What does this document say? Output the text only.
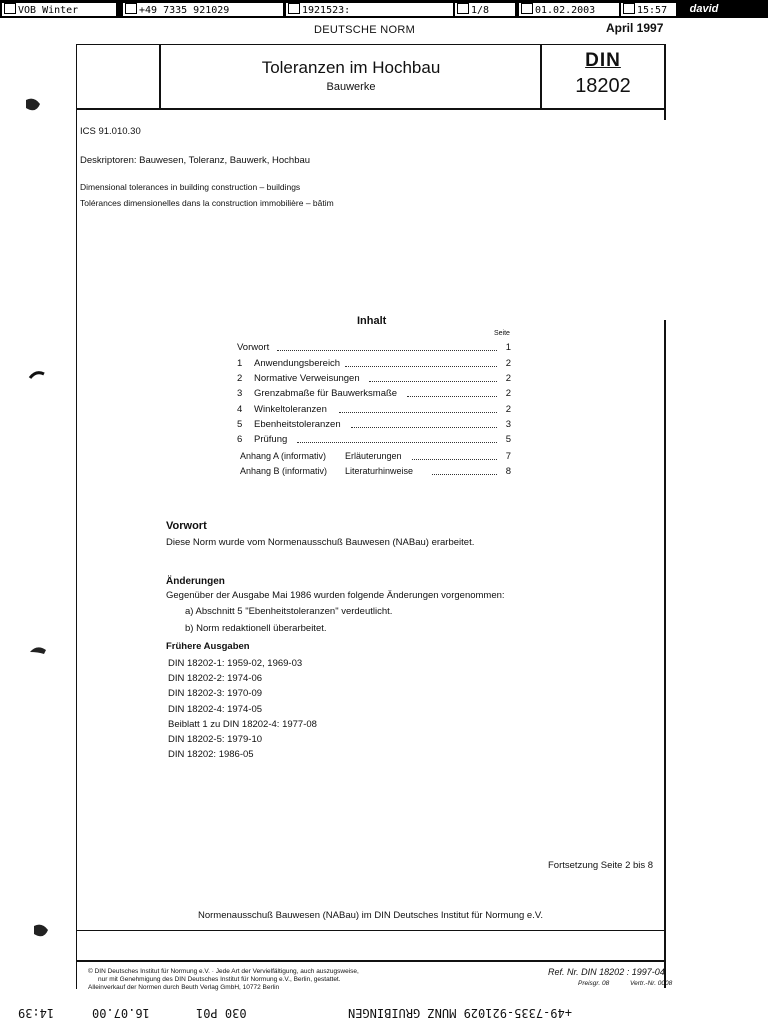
VOB Winter	+49 7335 921029	1921523:	1/8	01.02.2003	15:57	david
DEUTSCHE NORM	April 1997
Toleranzen im Hochbau
Bauwerke
DIN
18202
ICS 91.010.30
Deskriptoren: Bauwesen, Toleranz, Bauwerk, Hochbau
Dimensional tolerances in building construction – buildings
Tolérances dimensionelles dans la construction immobilière – bâtim
Inhalt
Seite
Vorwort	1
1 Anwendungsbereich	2
2 Normative Verweisungen	2
3 Grenzabmaße für Bauwerksmaße	2
4 Winkeltoleranzen	2
5 Ebenheitstoleranzen	3
6 Prüfung	5
Anhang A (informativ) Erläuterungen	7
Anhang B (informativ) Literaturhinweise	8
Vorwort
Diese Norm wurde vom Normenausschuß Bauwesen (NABau) erarbeitet.
Änderungen
Gegenüber der Ausgabe Mai 1986 wurden folgende Änderungen vorgenommen:
a) Abschnitt 5 "Ebenheitstoleranzen" verdeutlicht.
b) Norm redaktionell überarbeitet.
Frühere Ausgaben
DIN 18202-1: 1959-02, 1969-03
DIN 18202-2: 1974-06
DIN 18202-3: 1970-09
DIN 18202-4: 1974-05
Beiblatt 1 zu DIN 18202-4: 1977-08
DIN 18202-5: 1979-10
DIN 18202: 1986-05
Fortsetzung Seite 2 bis 8
Normenausschuß Bauwesen (NABau) im DIN Deutsches Institut für Normung e.V.
© DIN Deutsches Institut für Normung e.V. · Jede Art der Vervielfältigung, auch auszugsweise,
nur mit Genehmigung des DIN Deutsches Institut für Normung e.V., Berlin, gestattet.
Alleinverkauf der Normen durch Beuth Verlag GmbH, 10772 Berlin
Ref. Nr. DIN 18202 : 1997-04
Preisgr. 08	Vertr.-Nr. 0008
14:39	16.07.00	030 P01	+49-7335-921029 MUNZ GRUIBINGEN
